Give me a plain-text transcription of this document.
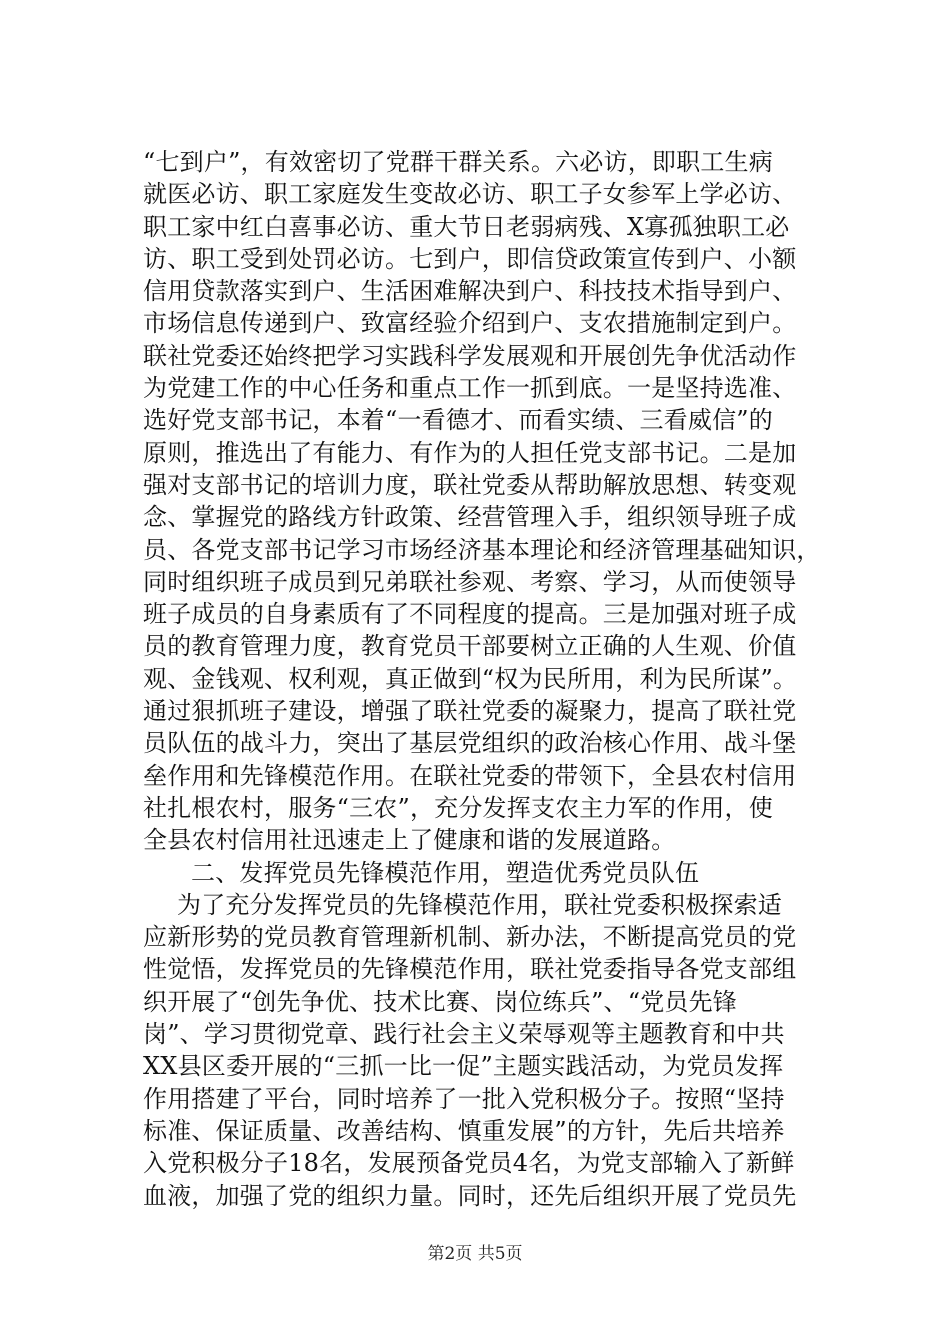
“七到户”，有效密切了党群干群关系。六必访，即职工生病
就医必访、职工家庭发生变故必访、职工子女参军上学必访、
职工家中红白喜事必访、重大节日老弱病残、X寡孤独职工必
访、职工受到处罚必访。七到户，即信贷政策宣传到户、小额
信用贷款落实到户、生活困难解决到户、科技技术指导到户、
市场信息传递到户、致富经验介绍到户、支农措施制定到户。
联社党委还始终把学习实践科学发展观和开展创先争优活动作
为党建工作的中心任务和重点工作一抓到底。一是坚持选准、
选好党支部书记，本着“一看德才、而看实绩、三看威信”的
原则，推选出了有能力、有作为的人担任党支部书记。二是加
强对支部书记的培训力度，联社党委从帮助解放思想、转变观
念、掌握党的路线方针政策、经营管理入手，组织领导班子成
员、各党支部书记学习市场经济基本理论和经济管理基础知识，
同时组织班子成员到兄弟联社参观、考察、学习，从而使领导
班子成员的自身素质有了不同程度的提高。三是加强对班子成
员的教育管理力度，教育党员干部要树立正确的人生观、价值
观、金钱观、权利观，真正做到“权为民所用，利为民所谋”。
通过狠抓班子建设，增强了联社党委的凝聚力，提高了联社党
员队伍的战斗力，突出了基层党组织的政治核心作用、战斗堡
垒作用和先锋模范作用。在联社党委的带领下，全县农村信用
社扎根农村，服务“三农”，充分发挥支农主力军的作用，使
全县农村信用社迅速走上了健康和谐的发展道路。
二、发挥党员先锋模范作用，塑造优秀党员队伍
为了充分发挥党员的先锋模范作用，联社党委积极探索适
应新形势的党员教育管理新机制、新办法，不断提高党员的党
性觉悟，发挥党员的先锋模范作用，联社党委指导各党支部组
织开展了“创先争优、技术比赛、岗位练兵”、“党员先锋
岗”、学习贯彻党章、践行社会主义荣辱观等主题教育和中共
XX县区委开展的“三抓一比一促”主题实践活动，为党员发挥
作用搭建了平台，同时培养了一批入党积极分子。按照“坚持
标准、保证质量、改善结构、慎重发展”的方针，先后共培养
入党积极分子18名，发展预备党员4名，为党支部输入了新鲜
血液，加强了党的组织力量。同时，还先后组织开展了党员先
第2页 共5页
